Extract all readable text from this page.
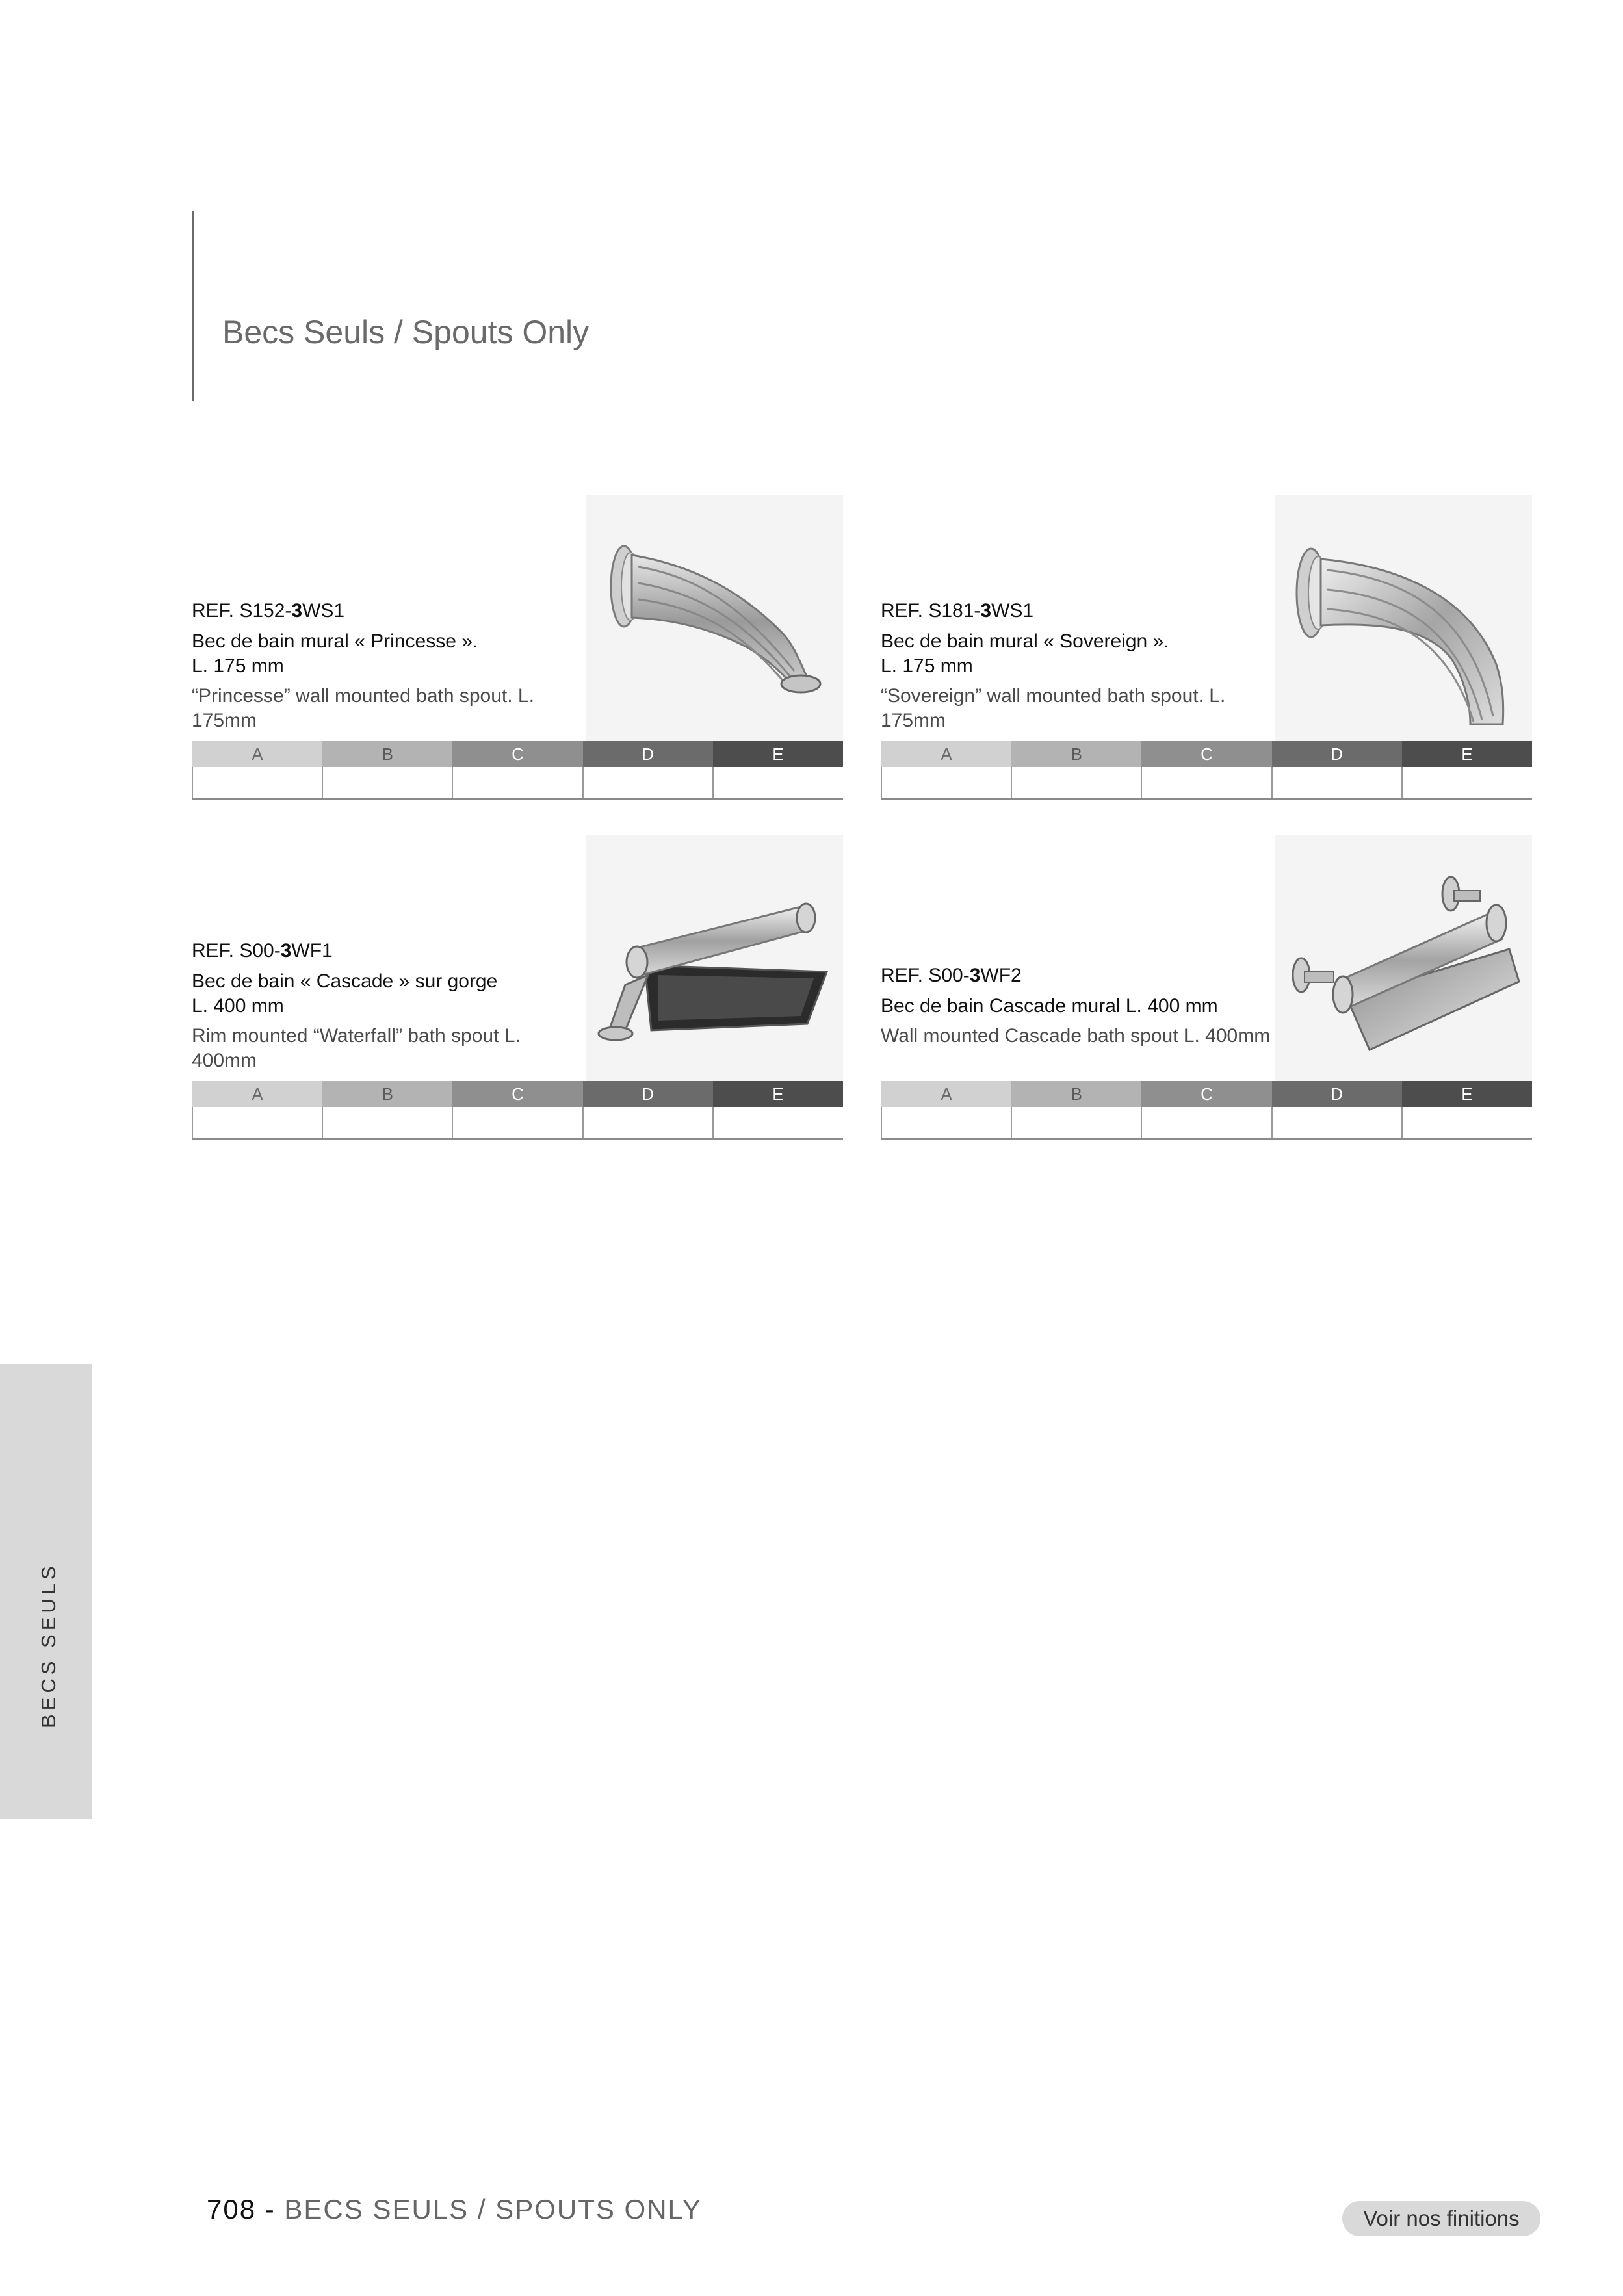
Becs Seuls / Spouts Only
REF. S152-3WS1
Bec de bain mural « Princesse ».
L. 175 mm
“Princesse” wall mounted bath spout. L. 175mm
A	B	C	D	E

REF. S181-3WS1
Bec de bain mural « Sovereign ».
L. 175 mm
“Sovereign” wall mounted bath spout. L. 175mm
A	B	C	D	E

REF. S00-3WF1
Bec de bain « Cascade » sur gorge
L. 400 mm
Rim mounted “Waterfall” bath spout L. 400mm
A	B	C	D	E

REF. S00-3WF2
Bec de bain Cascade mural L. 400 mm
Wall mounted Cascade bath spout L. 400mm
A	B	C	D	E

BECS SEULS
708 - BECS SEULS / SPOUTS ONLY	Voir nos finitions
